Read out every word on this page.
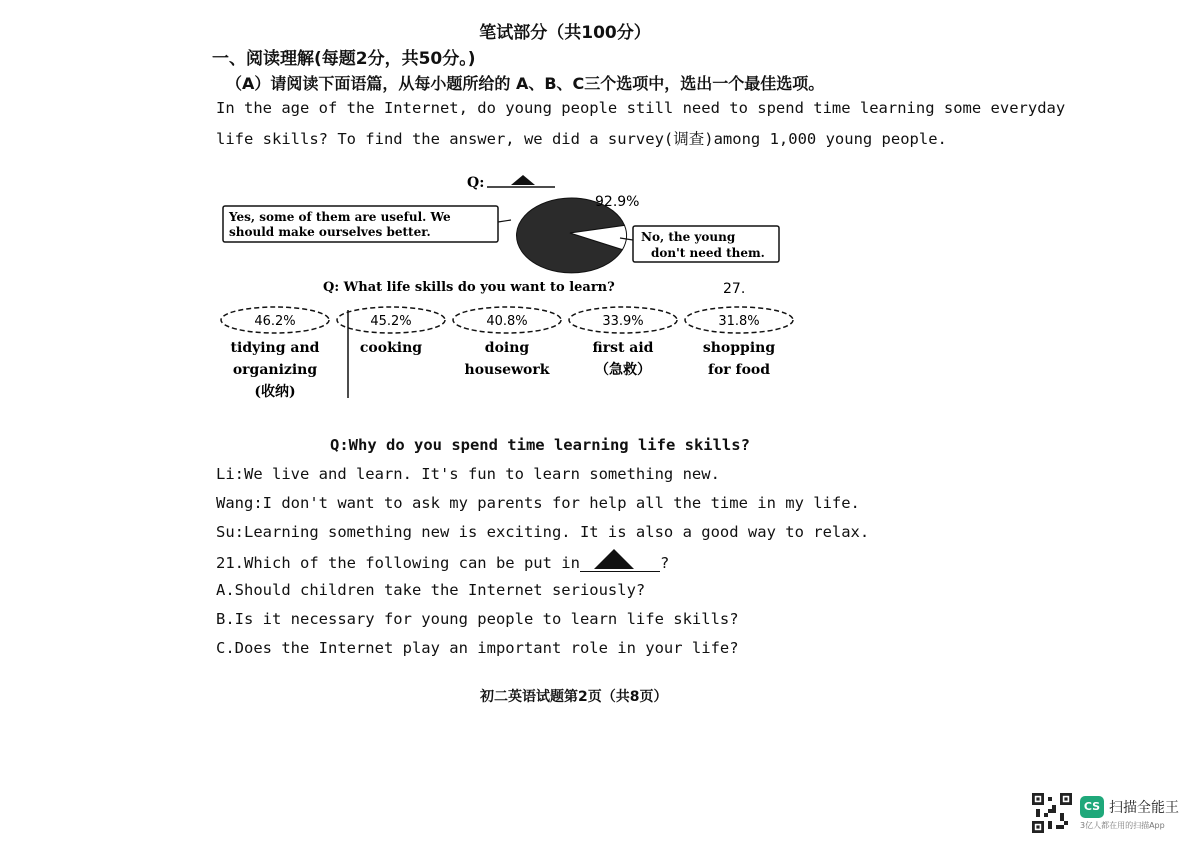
笔试部分（共100分）
一、阅读理解(每题2分，共50分。)
（A）请阅读下面语篇，从每小题所给的 A、B、C三个选项中，选出一个最佳选项。
In the age of the Internet, do young people still need to spend time learning some everyday
life skills? To find the answer, we did a survey(调查)among 1,000 young people.
Q:
92.9%
7.1%
Yes, some of them are useful. We
should make ourselves better.	No, the young
don't need them.
Q: What life skills do you want to learn?	27.
46.2%
tidying and
organizing
(收纳)
45.2%
cooking
40.8%
doing
housework
33.9%
first aid
（急救）
31.8%
shopping
for food
Q:Why do you spend time learning life skills?
Li:We live and learn. It's fun to learn something new.
Wang:I don't want to ask my parents for help all the time in my life.
Su:Learning something new is exciting. It is also a good way to relax.
21.Which of the following can be put in	?
A.Should children take the Internet seriously?
B.Is it necessary for young people to learn life skills?
C.Does the Internet play an important role in your life?
初二英语试题第2页（共8页）
CS 扫描全能王
3亿人都在用的扫描App
